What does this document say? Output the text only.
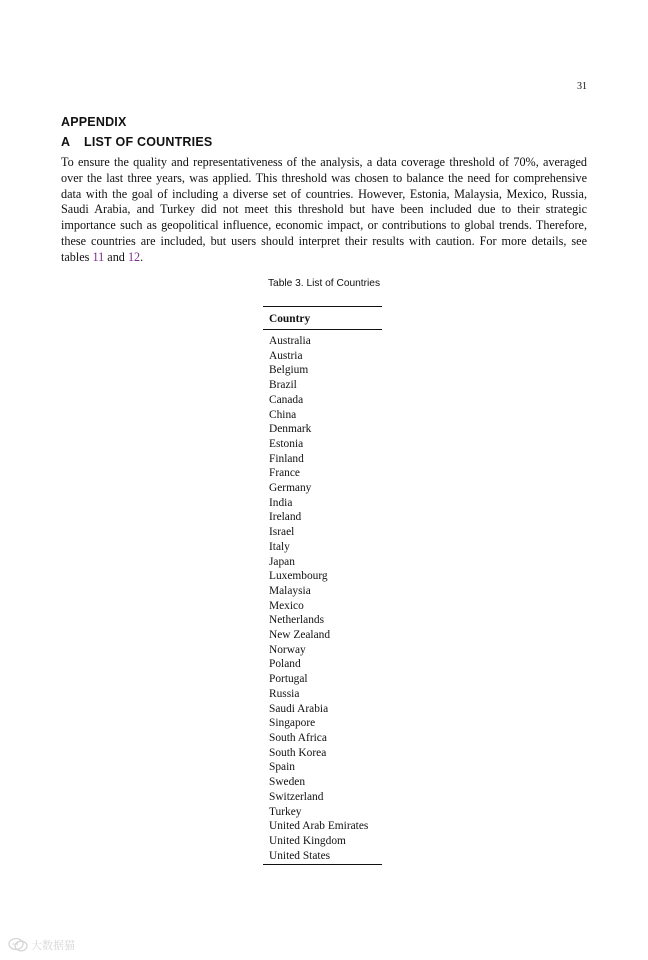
31
APPENDIX
A LIST OF COUNTRIES

To ensure the quality and representativeness of the analysis, a data coverage threshold of 70%, averaged over the last three years, was applied. This threshold was chosen to balance the need for comprehensive data with the goal of including a diverse set of countries. However, Estonia, Malaysia, Mexico, Russia, Saudi Arabia, and Turkey did not meet this threshold but have been included due to their strategic importance such as geopolitical influence, economic impact, or contributions to global trends. Therefore, these countries are included, but users should interpret their results with caution. For more details, see tables 11 and 12.

Table 3. List of Countries
Country
Australia
Austria
Belgium
Brazil
Canada
China
Denmark
Estonia
Finland
France
Germany
India
Ireland
Israel
Italy
Japan
Luxembourg
Malaysia
Mexico
Netherlands
New Zealand
Norway
Poland
Portugal
Russia
Saudi Arabia
Singapore
South Africa
South Korea
Spain
Sweden
Switzerland
Turkey
United Arab Emirates
United Kingdom
United States
大数据猫
